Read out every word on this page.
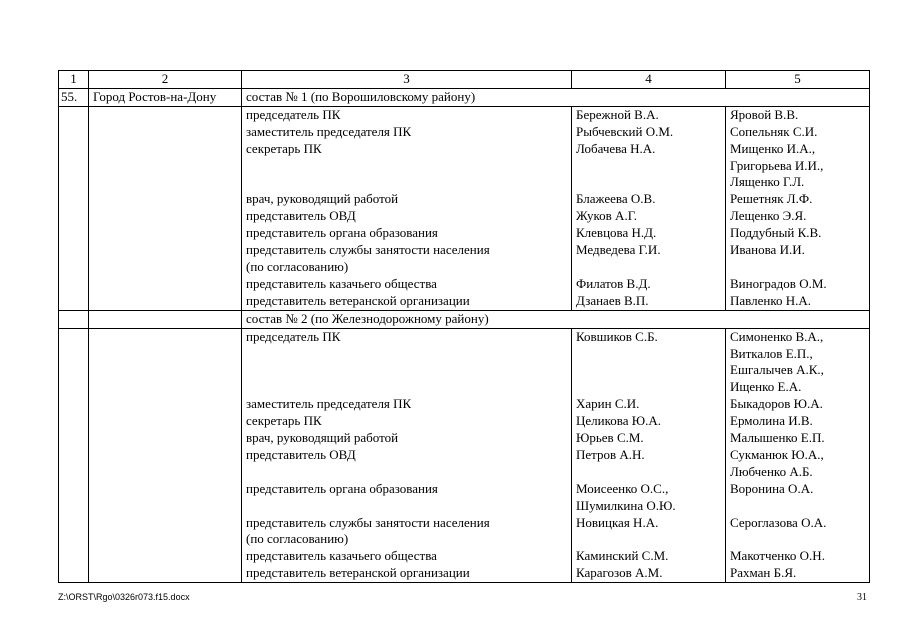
1	2	3	4	5
55.	Город Ростов-на-Дону	состав № 1 (по Ворошиловскому району)		
		председатель ПК	Бережной В.А.	Яровой В.В.
		заместитель председателя ПК	Рыбчевский О.М.	Сопельняк С.И.
		секретарь ПК	Лобачева Н.А.	Мищенко И.А.,
				Григорьева И.И.,
				Лященко Г.Л.
		врач, руководящий работой	Блажеева О.В.	Решетняк Л.Ф.
		представитель ОВД	Жуков А.Г.	Лещенко Э.Я.
		представитель органа образования	Клевцова Н.Д.	Поддубный К.В.
		представитель службы занятости населения	Медведева Г.И.	Иванова И.И.
		(по согласованию)		
		представитель казачьего общества	Филатов В.Д.	Виноградов О.М.
		представитель ветеранской организации	Дзанаев В.П.	Павленко Н.А.
		состав № 2 (по Железнодорожному району)		
		председатель ПК	Ковшиков С.Б.	Симоненко В.А.,
				Виткалов Е.П.,
				Ешгалычев А.К.,
				Ищенко Е.А.
		заместитель председателя ПК	Харин С.И.	Быкадоров Ю.А.
		секретарь ПК	Целикова Ю.А.	Ермолина И.В.
		врач, руководящий работой	Юрьев С.М.	Малышенко Е.П.
		представитель ОВД	Петров А.Н.	Сукманюк Ю.А.,
				Любченко А.Б.
		представитель органа образования	Моисеенко О.С.,	Воронина О.А.
			Шумилкина О.Ю.	
		представитель службы занятости населения	Новицкая Н.А.	Сероглазова О.А.
		(по согласованию)		
		представитель казачьего общества	Каминский С.М.	Макотченко О.Н.
		представитель ветеранской организации	Карагозов А.М.	Рахман Б.Я.
Z:\ORST\Rgo\0326r073.f15.docx	31
